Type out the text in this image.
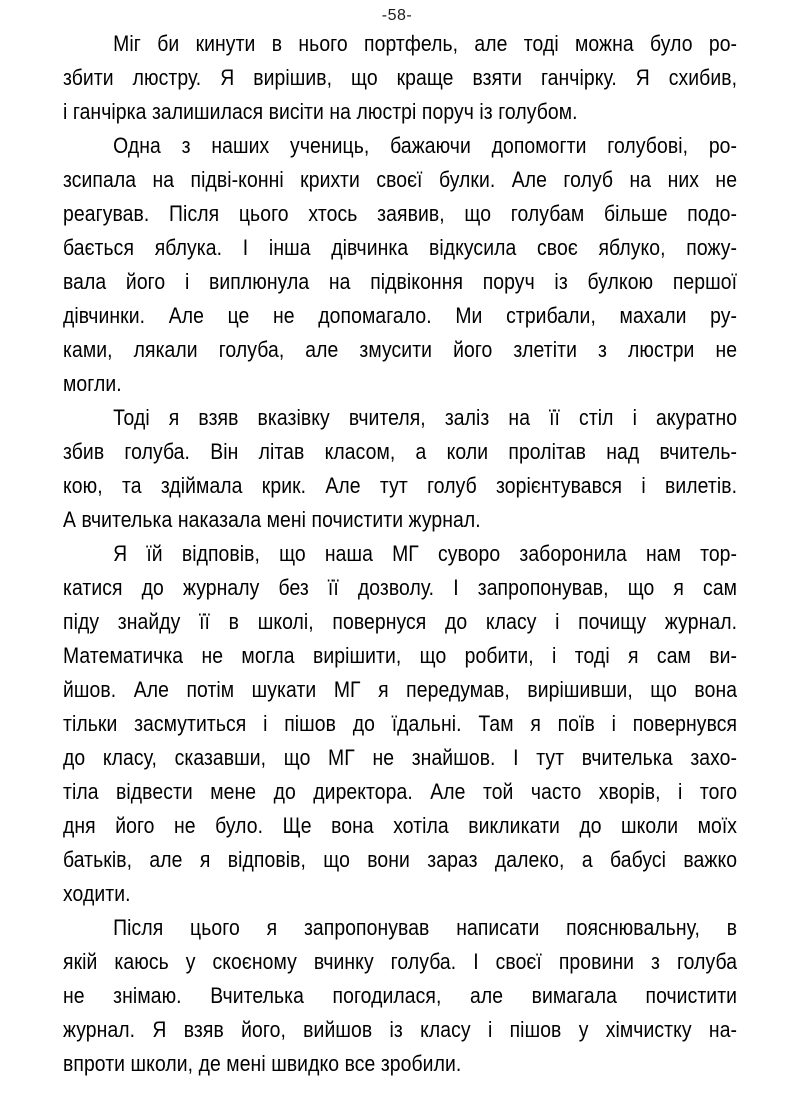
-58-
Міг би кинути в нього портфель, але тоді можна було ро-
збити люстру. Я вирішив, що краще взяти ганчірку. Я схибив,
і ганчірка залишилася висіти на люстрі поруч із голубом.
Одна з наших учениць, бажаючи допомогти голубові, ро-
зсипала на підві-конні крихти своєї булки. Але голуб на них не
реагував. Після цього хтось заявив, що голубам більше подо-
бається яблука. І інша дівчинка відкусила своє яблуко, пожу-
вала його і виплюнула на підвіконня поруч із булкою першої
дівчинки. Але це не допомагало. Ми стрибали, махали ру-
ками, лякали голуба, але змусити його злетіти з люстри не
могли.
Тоді я взяв вказівку вчителя, заліз на її стіл і акуратно
збив голуба. Він літав класом, а коли пролітав над вчитель-
кою, та здіймала крик. Але тут голуб зорієнтувався і вилетів.
А вчителька наказала мені почистити журнал.
Я їй відповів, що наша МГ суворо заборонила нам тор-
катися до журналу без її дозволу. І запропонував, що я сам
піду знайду її в школі, повернуся до класу і почищу журнал.
Математичка не могла вирішити, що робити, і тоді я сам ви-
йшов. Але потім шукати МГ я передумав, вирішивши, що вона
тільки засмутиться і пішов до їдальні. Там я поїв і повернувся
до класу, сказавши, що МГ не знайшов. І тут вчителька захо-
тіла відвести мене до директора. Але той часто хворів, і того
дня його не було. Ще вона хотіла викликати до школи моїх
батьків, але я відповів, що вони зараз далеко, а бабусі важко
ходити.
Після цього я запропонував написати пояснювальну, в
якій каюсь у скоєному вчинку голуба. І своєї провини з голуба
не знімаю. Вчителька погодилася, але вимагала почистити
журнал. Я взяв його, вийшов із класу і пішов у хімчистку на-
впроти школи, де мені швидко все зробили.
